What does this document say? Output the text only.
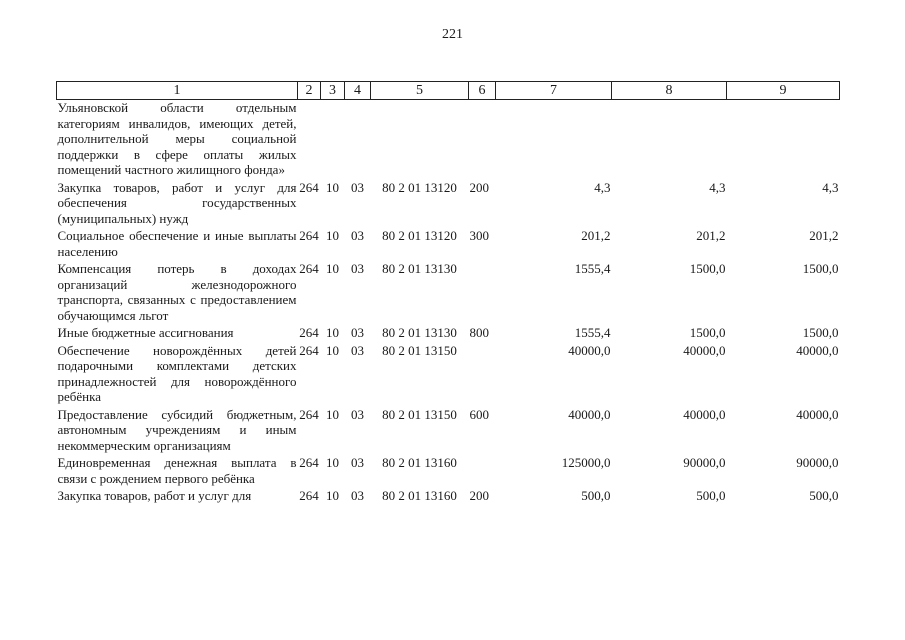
221
1	2	3	4	5	6	7	8	9
Ульяновской области отдельным категориям инвалидов, имеющих детей, дополнительной меры социальной поддержки в сфере оплаты жилых помещений частного жилищного фонда»								
Закупка товаров, работ и услуг для обеспечения государственных (муниципальных) нужд	264	10	03	80 2 01 13120	200	4,3	4,3	4,3
Социальное обеспечение и иные выплаты населению	264	10	03	80 2 01 13120	300	201,2	201,2	201,2
Компенсация потерь в доходах организаций железнодорожного транспорта, связанных с предоставлением обучающимся льгот	264	10	03	80 2 01 13130		1555,4	1500,0	1500,0
Иные бюджетные ассигнования	264	10	03	80 2 01 13130	800	1555,4	1500,0	1500,0
Обеспечение новорождённых детей подарочными комплектами детских принадлежностей для новорождённого ребёнка	264	10	03	80 2 01 13150		40000,0	40000,0	40000,0
Предоставление субсидий бюджетным, автономным учреждениям и иным некоммерческим организациям	264	10	03	80 2 01 13150	600	40000,0	40000,0	40000,0
Единовременная денежная выплата в связи с рождением первого ребёнка	264	10	03	80 2 01 13160		125000,0	90000,0	90000,0
Закупка товаров, работ и услуг для	264	10	03	80 2 01 13160	200	500,0	500,0	500,0
